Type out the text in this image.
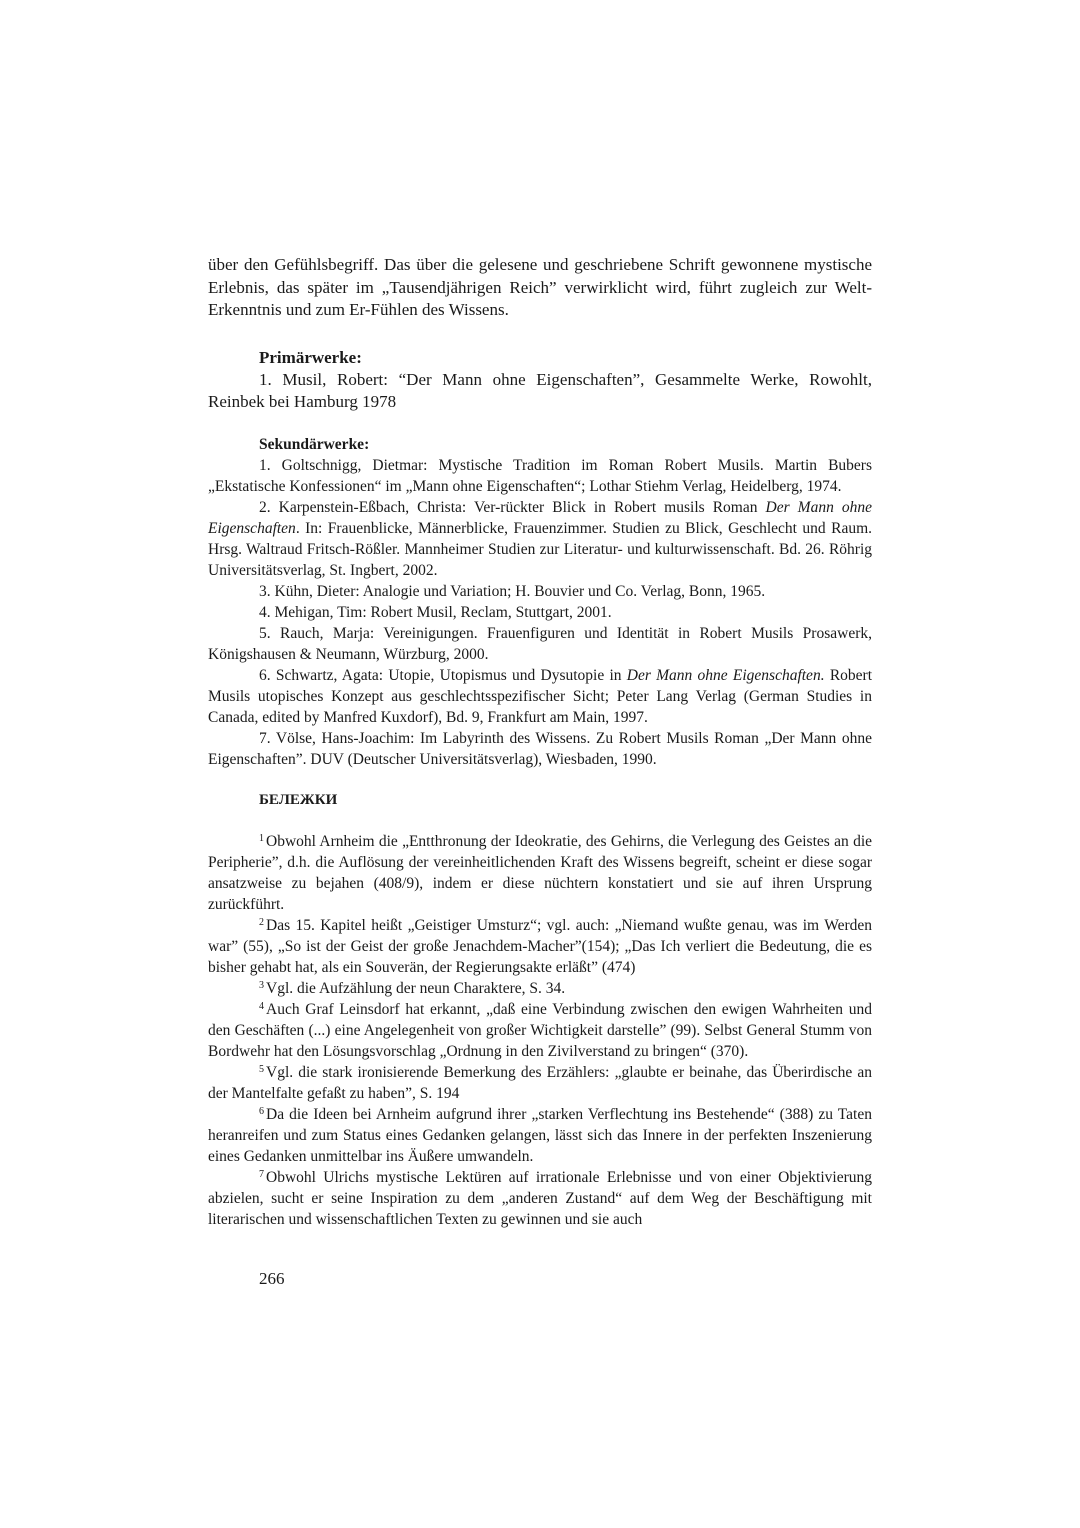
über den Gefühlsbegriff. Das über die gelesene und geschriebene Schrift gewonnene mystische Erlebnis, das später im „Tausendjährigen Reich” verwirklicht wird, führt zugleich zur Welt-Erkenntnis und zum Er-Fühlen des Wissens.

Primärwerke:

1. Musil, Robert: “Der Mann ohne Eigenschaften”, Gesammelte Werke, Rowohlt, Reinbek bei Hamburg 1978

Sekundärwerke:

1. Goltschnigg, Dietmar: Mystische Tradition im Roman Robert Musils. Martin Bubers „Ekstatische Konfessionen“ im „Mann ohne Eigenschaften“; Lothar Stiehm Verlag, Heidelberg, 1974.

2. Karpenstein-Eßbach, Christa: Ver-rückter Blick in Robert musils Roman Der Mann ohne Eigenschaften. In: Frauenblicke, Männerblicke, Frauenzimmer. Studien zu Blick, Geschlecht und Raum. Hrsg. Waltraud Fritsch-Rößler. Mannheimer Studien zur Literatur- und kulturwissenschaft. Bd. 26. Röhrig Universitätsverlag, St. Ingbert, 2002.

3. Kühn, Dieter: Analogie und Variation; H. Bouvier und Co. Verlag, Bonn, 1965.

4. Mehigan, Tim: Robert Musil, Reclam, Stuttgart, 2001.

5. Rauch, Marja: Vereinigungen. Frauenfiguren und Identität in Robert Musils Prosawerk, Königshausen & Neumann, Würzburg, 2000.

6. Schwartz, Agata: Utopie, Utopismus und Dysutopie in Der Mann ohne Eigenschaften. Robert Musils utopisches Konzept aus geschlechtsspezifischer Sicht; Peter Lang Verlag (German Studies in Canada, edited by Manfred Kuxdorf), Bd. 9, Frankfurt am Main, 1997.

7. Völse, Hans-Joachim: Im Labyrinth des Wissens. Zu Robert Musils Roman „Der Mann ohne Eigenschaften”. DUV (Deutscher Universitätsverlag), Wiesbaden, 1990.

БЕЛЕЖКИ

$^1$ Obwohl Arnheim die „Entthronung der Ideokratie, des Gehirns, die Verlegung des Geistes an die Peripherie”, d.h. die Auflösung der vereinheitlichenden Kraft des Wissens begreift, scheint er diese sogar ansatzweise zu bejahen (408/9), indem er diese nüchtern konstatiert und sie auf ihren Ursprung zurückführt.

$^2$ Das 15. Kapitel heißt „Geistiger Umsturz“; vgl. auch: „Niemand wußte genau, was im Werden war” (55), „So ist der Geist der große Jenachdem-Macher”(154); „Das Ich verliert die Bedeutung, die es bisher gehabt hat, als ein Souverän, der Regierungsakte erläßt” (474)

$^3$ Vgl. die Aufzählung der neun Charaktere, S. 34.

$^4$ Auch Graf Leinsdorf hat erkannt, „daß eine Verbindung zwischen den ewigen Wahrheiten und den Geschäften (...) eine Angelegenheit von großer Wichtigkeit darstelle” (99). Selbst General Stumm von Bordwehr hat den Lösungsvorschlag „Ordnung in den Zivilverstand zu bringen“ (370).

$^5$ Vgl. die stark ironisierende Bemerkung des Erzählers: „glaubte er beinahe, das Überirdische an der Mantelfalte gefaßt zu haben”, S. 194

$^6$ Da die Ideen bei Arnheim aufgrund ihrer „starken Verflechtung ins Bestehende“ (388) zu Taten heranreifen und zum Status eines Gedanken gelangen, lässt sich das Innere in der perfekten Inszenierung eines Gedanken unmittelbar ins Äußere umwandeln.

$^7$ Obwohl Ulrichs mystische Lektüren auf irrationale Erlebnisse und von einer Objektivierung abzielen, sucht er seine Inspiration zu dem „anderen Zustand“ auf dem Weg der Beschäftigung mit literarischen und wissenschaftlichen Texten zu gewinnen und sie auch

266
